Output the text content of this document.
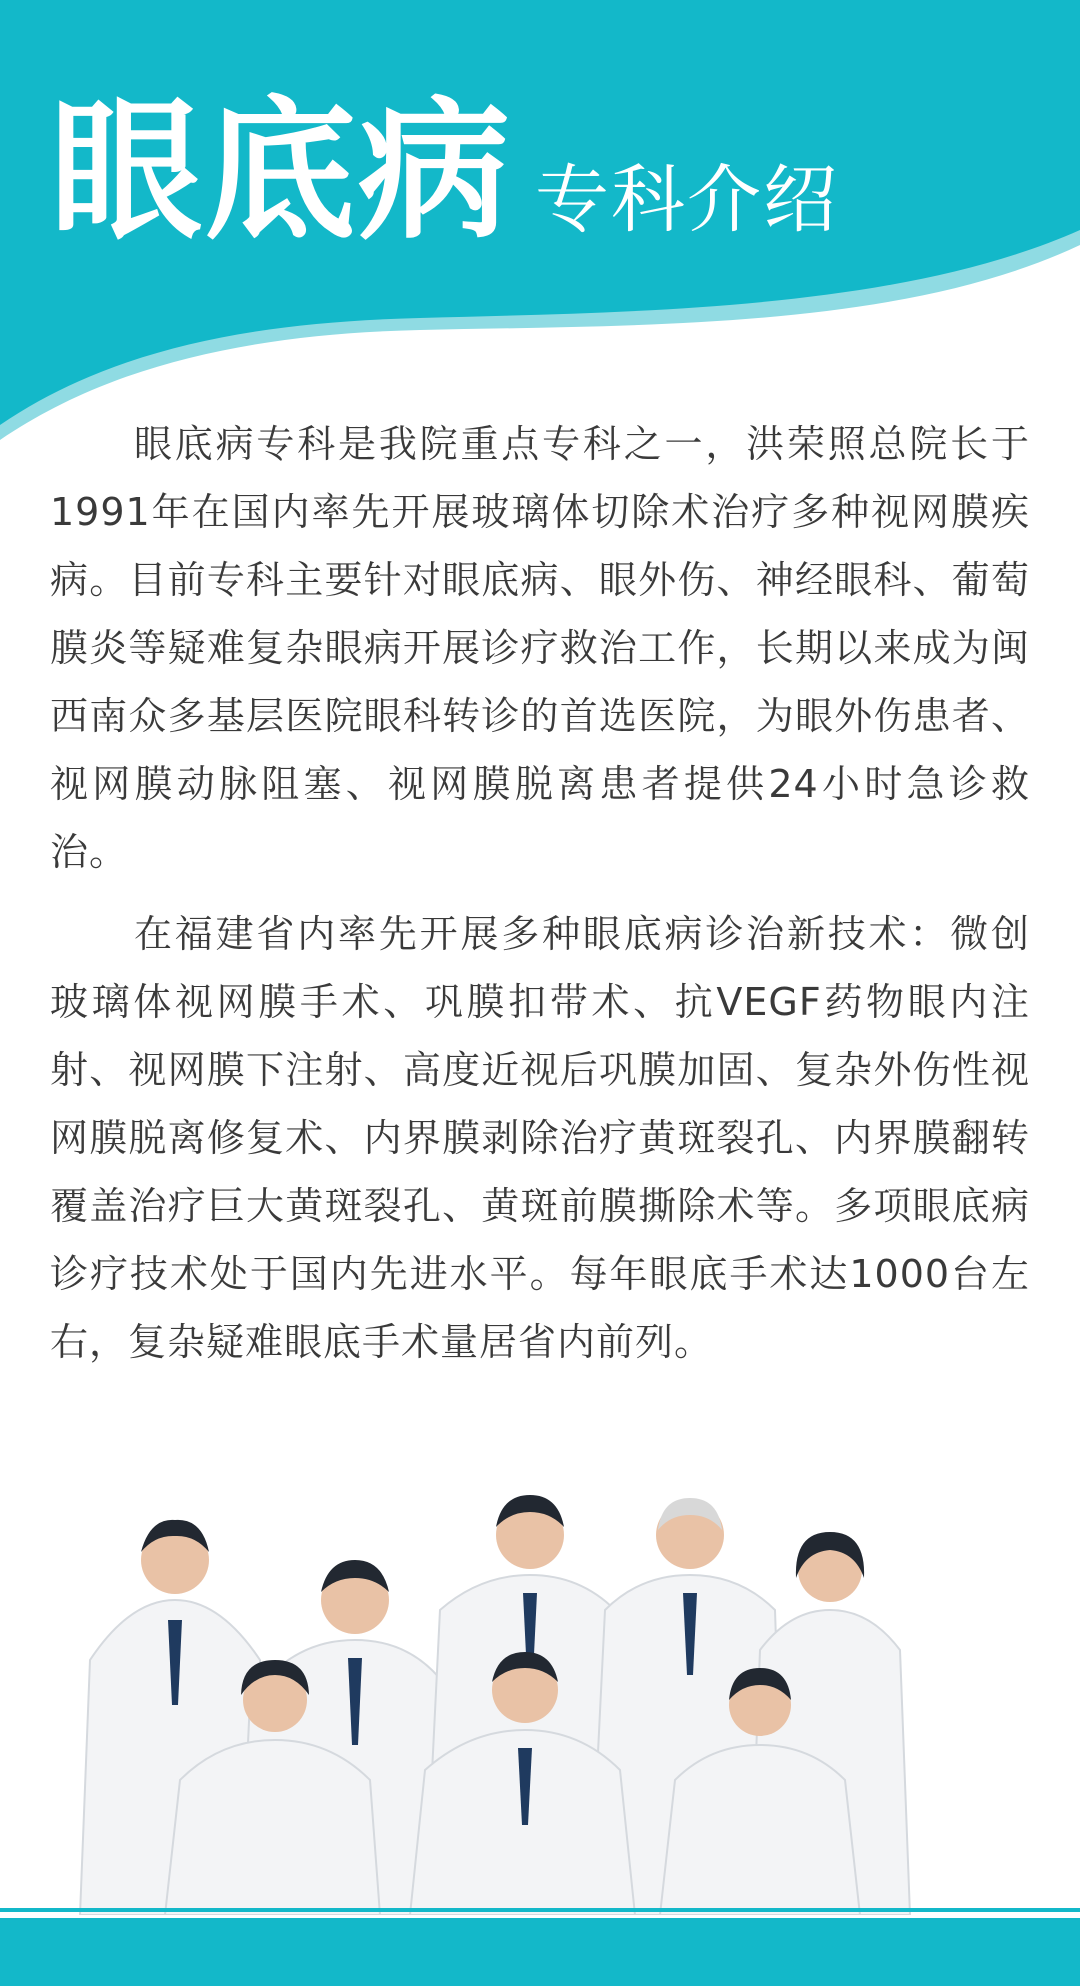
眼底病 专科介绍

眼底病专科是我院重点专科之一，洪荣照总院长于1991年在国内率先开展玻璃体切除术治疗多种视网膜疾病。目前专科主要针对眼底病、眼外伤、神经眼科、葡萄膜炎等疑难复杂眼病开展诊疗救治工作，长期以来成为闽西南众多基层医院眼科转诊的首选医院，为眼外伤患者、视网膜动脉阻塞、视网膜脱离患者提供24小时急诊救治。

在福建省内率先开展多种眼底病诊治新技术：微创玻璃体视网膜手术、巩膜扣带术、抗VEGF药物眼内注射、视网膜下注射、高度近视后巩膜加固、复杂外伤性视网膜脱离修复术、内界膜剥除治疗黄斑裂孔、内界膜翻转覆盖治疗巨大黄斑裂孔、黄斑前膜撕除术等。多项眼底病诊疗技术处于国内先进水平。每年眼底手术达1000台左右，复杂疑难眼底手术量居省内前列。
